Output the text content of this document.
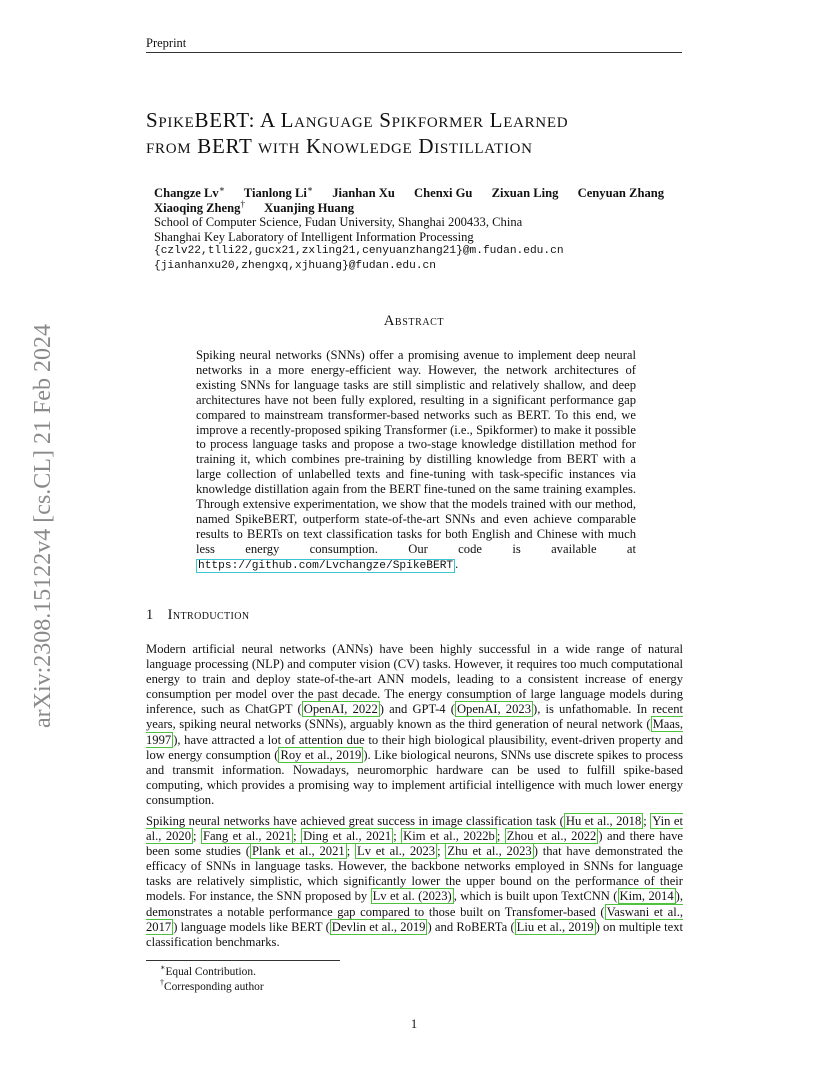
Preprint
SpikeBERT: A Language Spikformer Learned
from BERT with Knowledge Distillation
Changze Lv∗ Tianlong Li∗ Jianhan Xu Chenxi Gu Zixuan Ling Cenyuan Zhang
Xiaoqing Zheng† Xuanjing Huang
School of Computer Science, Fudan University, Shanghai 200433, China
Shanghai Key Laboratory of Intelligent Information Processing
{czlv22,tlli22,gucx21,zxling21,cenyuanzhang21}@m.fudan.edu.cn
{jianhanxu20,zhengxq,xjhuang}@fudan.edu.cn
arXiv:2308.15122v4 [cs.CL] 21 Feb 2024
Abstract
Spiking neural networks (SNNs) offer a promising avenue to implement deep neural networks in a more energy-efficient way. However, the network architectures of existing SNNs for language tasks are still simplistic and relatively shallow, and deep architectures have not been fully explored, resulting in a significant performance gap compared to mainstream transformer-based networks such as BERT. To this end, we improve a recently-proposed spiking Transformer (i.e., Spikformer) to make it possible to process language tasks and propose a two-stage knowledge distillation method for training it, which combines pre-training by distilling knowledge from BERT with a large collection of unlabelled texts and fine-tuning with task-specific instances via knowledge distillation again from the BERT fine-tuned on the same training examples. Through extensive experimentation, we show that the models trained with our method, named SpikeBERT, outperform state-of-the-art SNNs and even achieve comparable results to BERTs on text classification tasks for both English and Chinese with much less energy consumption. Our code is available at https://github.com/Lvchangze/SpikeBERT .
1 Introduction
Modern artificial neural networks (ANNs) have been highly successful in a wide range of natural language processing (NLP) and computer vision (CV) tasks. However, it requires too much computational energy to train and deploy state-of-the-art ANN models, leading to a consistent increase of energy consumption per model over the past decade. The energy consumption of large language models during inference, such as ChatGPT ( OpenAI, 2022 ) and GPT-4 ( OpenAI, 2023 ), is unfathomable. In recent years, spiking neural networks (SNNs), arguably known as the third generation of neural network ( Maas, 1997 ), have attracted a lot of attention due to their high biological plausibility, event-driven property and low energy consumption ( Roy et al., 2019 ). Like biological neurons, SNNs use discrete spikes to process and transmit information. Nowadays, neuromorphic hardware can be used to fulfill spike-based computing, which provides a promising way to implement artificial intelligence with much lower energy consumption.
Spiking neural networks have achieved great success in image classification task ( Hu et al., 2018 ; Yin et al., 2020 ; Fang et al., 2021 ; Ding et al., 2021 ; Kim et al., 2022b ; Zhou et al., 2022 ) and there have been some studies ( Plank et al., 2021 ; Lv et al., 2023 ; Zhu et al., 2023 ) that have demonstrated the efficacy of SNNs in language tasks. However, the backbone networks employed in SNNs for language tasks are relatively simplistic, which significantly lower the upper bound on the performance of their models. For instance, the SNN proposed by Lv et al. (2023) , which is built upon TextCNN ( Kim, 2014 ), demonstrates a notable performance gap compared to those built on Transfomer-based ( Vaswani et al., 2017 ) language models like BERT ( Devlin et al., 2019 ) and RoBERTa ( Liu et al., 2019 ) on multiple text classification benchmarks.
∗Equal Contribution.
†Corresponding author
1
